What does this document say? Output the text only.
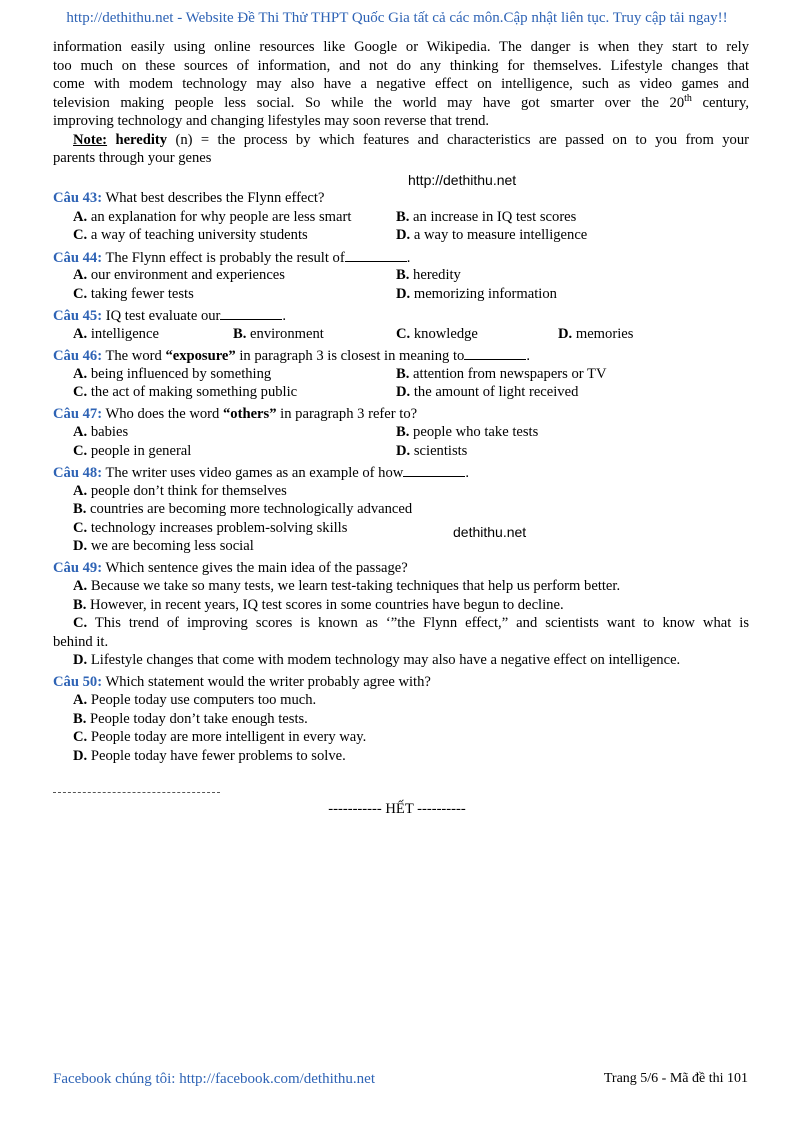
http://dethithu.net - Website Đề Thi Thử THPT Quốc Gia tất cả các môn.Cập nhật liên tục. Truy cập tải ngay!!
information easily using online resources like Google or Wikipedia. The danger is when they start to rely
too much on these sources of information, and not do any thinking for themselves. Lifestyle changes that
come with modem technology may also have a negative effect on intelligence, such as video games and
television making people less social. So while the world may have got smarter over the 20th century,
improving technology and changing lifestyles may soon reverse that trend.
Note: heredity (n) = the process by which features and characteristics are passed on to you from your
parents through your genes
http://dethithu.net
Câu 43: What best describes the Flynn effect?
A. an explanation for why people are less smart	B. an increase in IQ test scores
C. a way of teaching university students	D. a way to measure intelligence
Câu 44: The Flynn effect is probably the result of	.
A. our environment and experiences	B. heredity
C. taking fewer tests	D. memorizing information
Câu 45: IQ test evaluate our	.
A. intelligence	B. environment	C. knowledge	D. memories
Câu 46: The word “exposure” in paragraph 3 is closest in meaning to	.
A. being influenced by something	B. attention from newspapers or TV
C. the act of making something public	D. the amount of light received
Câu 47: Who does the word “others” in paragraph 3 refer to?
A. babies	B. people who take tests
C. people in general	D. scientists
Câu 48: The writer uses video games as an example of how	.
A. people don’t think for themselves
B. countries are becoming more technologically advanced
C. technology increases problem-solving skills	dethithu.net
D. we are becoming less social
Câu 49: Which sentence gives the main idea of the passage?
A. Because we take so many tests, we learn test-taking techniques that help us perform better.
B. However, in recent years, IQ test scores in some countries have begun to decline.
C. This trend of improving scores is known as ‘”the Flynn effect,” and scientists want to know what is
behind it.
D. Lifestyle changes that come with modem technology may also have a negative effect on intelligence.
Câu 50: Which statement would the writer probably agree with?
A. People today use computers too much.
B. People today don’t take enough tests.
C. People today are more intelligent in every way.
D. People today have fewer problems to solve.
----------- HẾT ----------
Facebook chúng tôi: http://facebook.com/dethithu.net	Trang 5/6 - Mã đề thi 101
